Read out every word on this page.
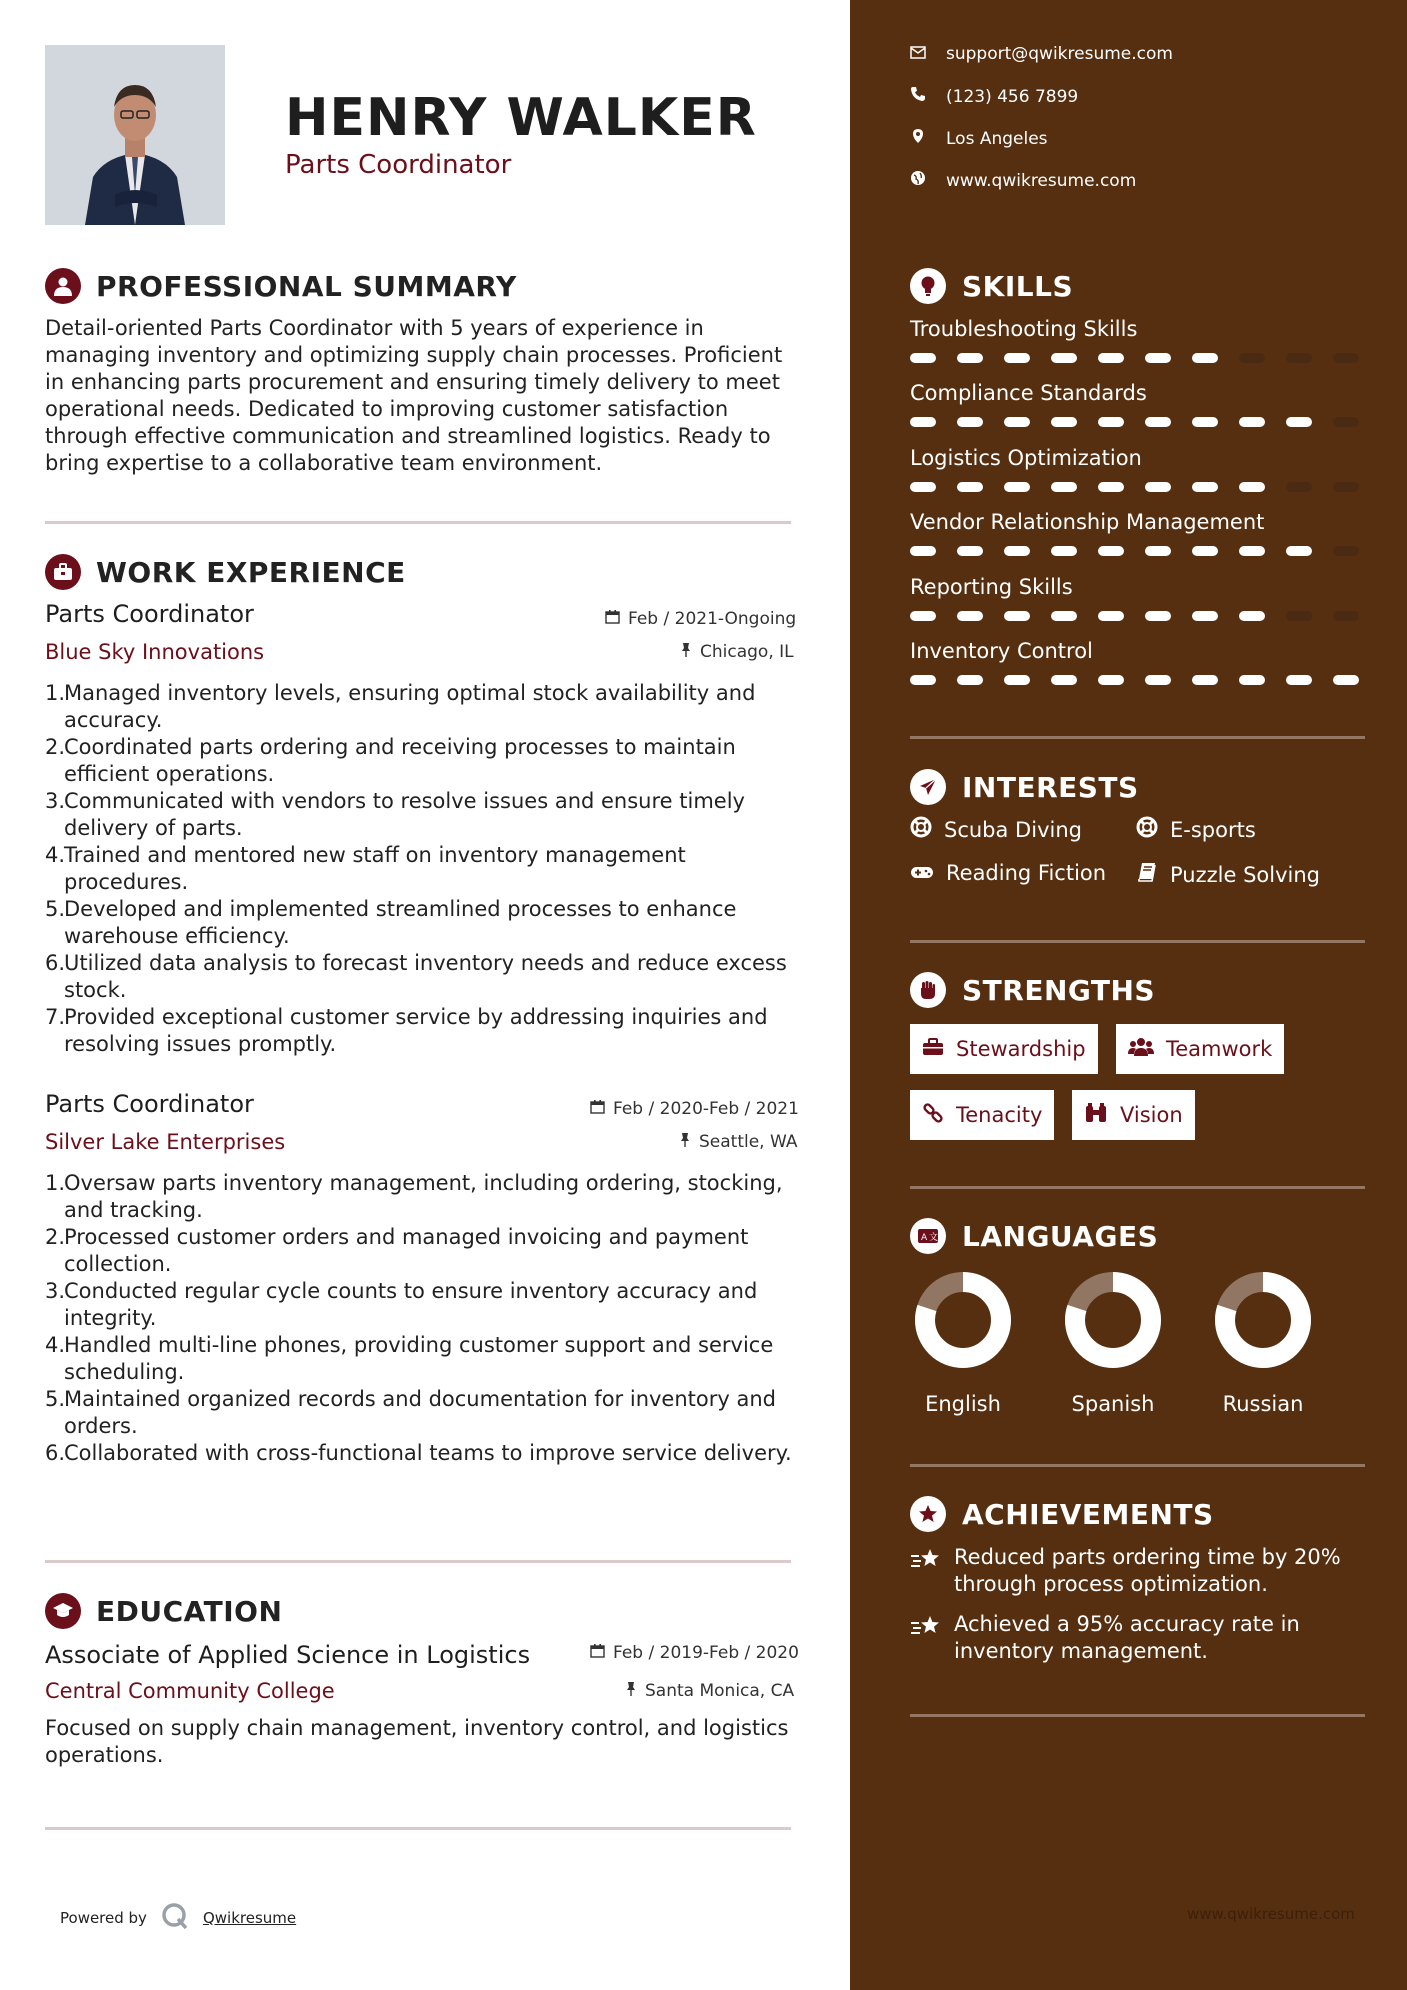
HENRY WALKER
Parts Coordinator
PROFESSIONAL SUMMARY
Detail-oriented Parts Coordinator with 5 years of experience in managing inventory and optimizing supply chain processes. Proficient in enhancing parts procurement and ensuring timely delivery to meet operational needs. Dedicated to improving customer satisfaction through effective communication and streamlined logistics. Ready to bring expertise to a collaborative team environment.
WORK EXPERIENCE
Parts Coordinator	Feb / 2021-Ongoing
Blue Sky Innovations	Chicago, IL
1.
Managed inventory levels, ensuring optimal stock availability and accuracy.
2.
Coordinated parts ordering and receiving processes to maintain efficient operations.
3.
Communicated with vendors to resolve issues and ensure timely delivery of parts.
4.
Trained and mentored new staff on inventory management procedures.
5.
Developed and implemented streamlined processes to enhance warehouse efficiency.
6.
Utilized data analysis to forecast inventory needs and reduce excess stock.
7.
Provided exceptional customer service by addressing inquiries and resolving issues promptly.
Parts Coordinator	Feb / 2020-Feb / 2021
Silver Lake Enterprises	Seattle, WA
1.
Oversaw parts inventory management, including ordering, stocking, and tracking.
2.
Processed customer orders and managed invoicing and payment collection.
3.
Conducted regular cycle counts to ensure inventory accuracy and integrity.
4.
Handled multi-line phones, providing customer support and service scheduling.
5.
Maintained organized records and documentation for inventory and orders.
6.
Collaborated with cross-functional teams to improve service delivery.
EDUCATION
Associate of Applied Science in Logistics	Feb / 2019-Feb / 2020
Central Community College	Santa Monica, CA
Focused on supply chain management, inventory control, and logistics operations.
Powered by	Qwikresume
support@qwikresume.com
(123) 456 7899
Los Angeles
www.qwikresume.com
SKILLS
Troubleshooting Skills
Compliance Standards
Logistics Optimization
Vendor Relationship Management
Reporting Skills
Inventory Control
INTERESTS
Scuba Diving	E-sports
Reading Fiction	Puzzle Solving
STRENGTHS
Stewardship	Teamwork
Tenacity	Vision
A 文 LANGUAGES
English	Spanish	Russian
ACHIEVEMENTS
Reduced parts ordering time by 20% through process optimization.
Achieved a 95% accuracy rate in inventory management.
www.qwikresume.com
